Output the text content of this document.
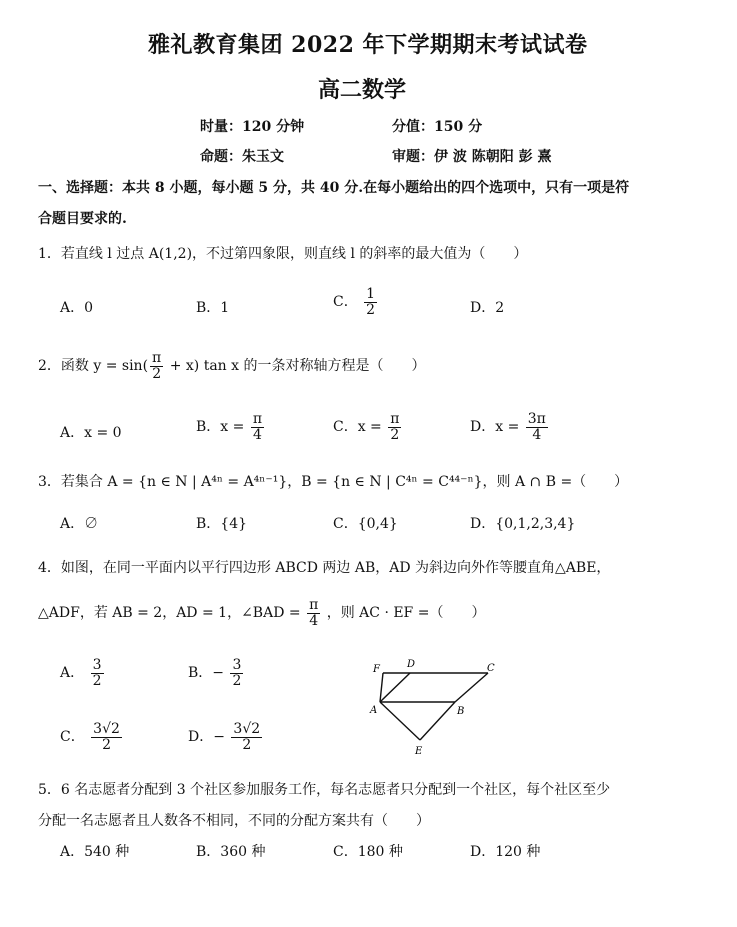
雅礼教育集团 2022 年下学期期末考试试卷
高二数学
时量：120 分钟	分值：150 分
命题：朱玉文	审题：伊 波 陈朝阳 彭 熹
一、选择题：本共 8 小题，每小题 5 分，共 40 分.在每小题给出的四个选项中，只有一项是符
合题目要求的.
1．若直线 l 过点 A(1,2)，不过第四象限，则直线 l 的斜率的最大值为（　　）
A．0	B．1	C． $\frac{1}{2}$	D．2
2．函数 $y = \sin( \frac{\pi}{2} + x)$ tan x 的一条对称轴方程是（　　）
A．x = 0	B．$x = \frac{\pi}{4}$	C．$x = \frac{\pi}{2}$	D．$x = \frac{3\pi}{4}$
3．若集合 A = {n ∈ N | A⁴ⁿ = A⁴ⁿ⁻¹}，B = {n ∈ N | C⁴ⁿ = C⁴⁴⁻ⁿ}，则 A ∩ B =（　　）
A．∅	B．{4}	C．{0,4}	D．{0,1,2,3,4}
4．如图，在同一平面内以平行四边形 ABCD 两边 AB，AD 为斜边向外作等腰直角△ABE，
△ADF，若 AB = 2，AD = 1，∠BAD = $\frac{\pi}{4}$ ，则 AC · EF =（　　）
A． $\frac{3}{2}$	B．− $\frac{3}{2}$
C． $\frac{3√2}{2}$	D．− $\frac{3√2}{2}$
F	D	C
A	B
E
5．6 名志愿者分配到 3 个社区参加服务工作，每名志愿者只分配到一个社区，每个社区至少
分配一名志愿者且人数各不相同，不同的分配方案共有（　　）
A．540 种	B．360 种	C．180 种	D．120 种
